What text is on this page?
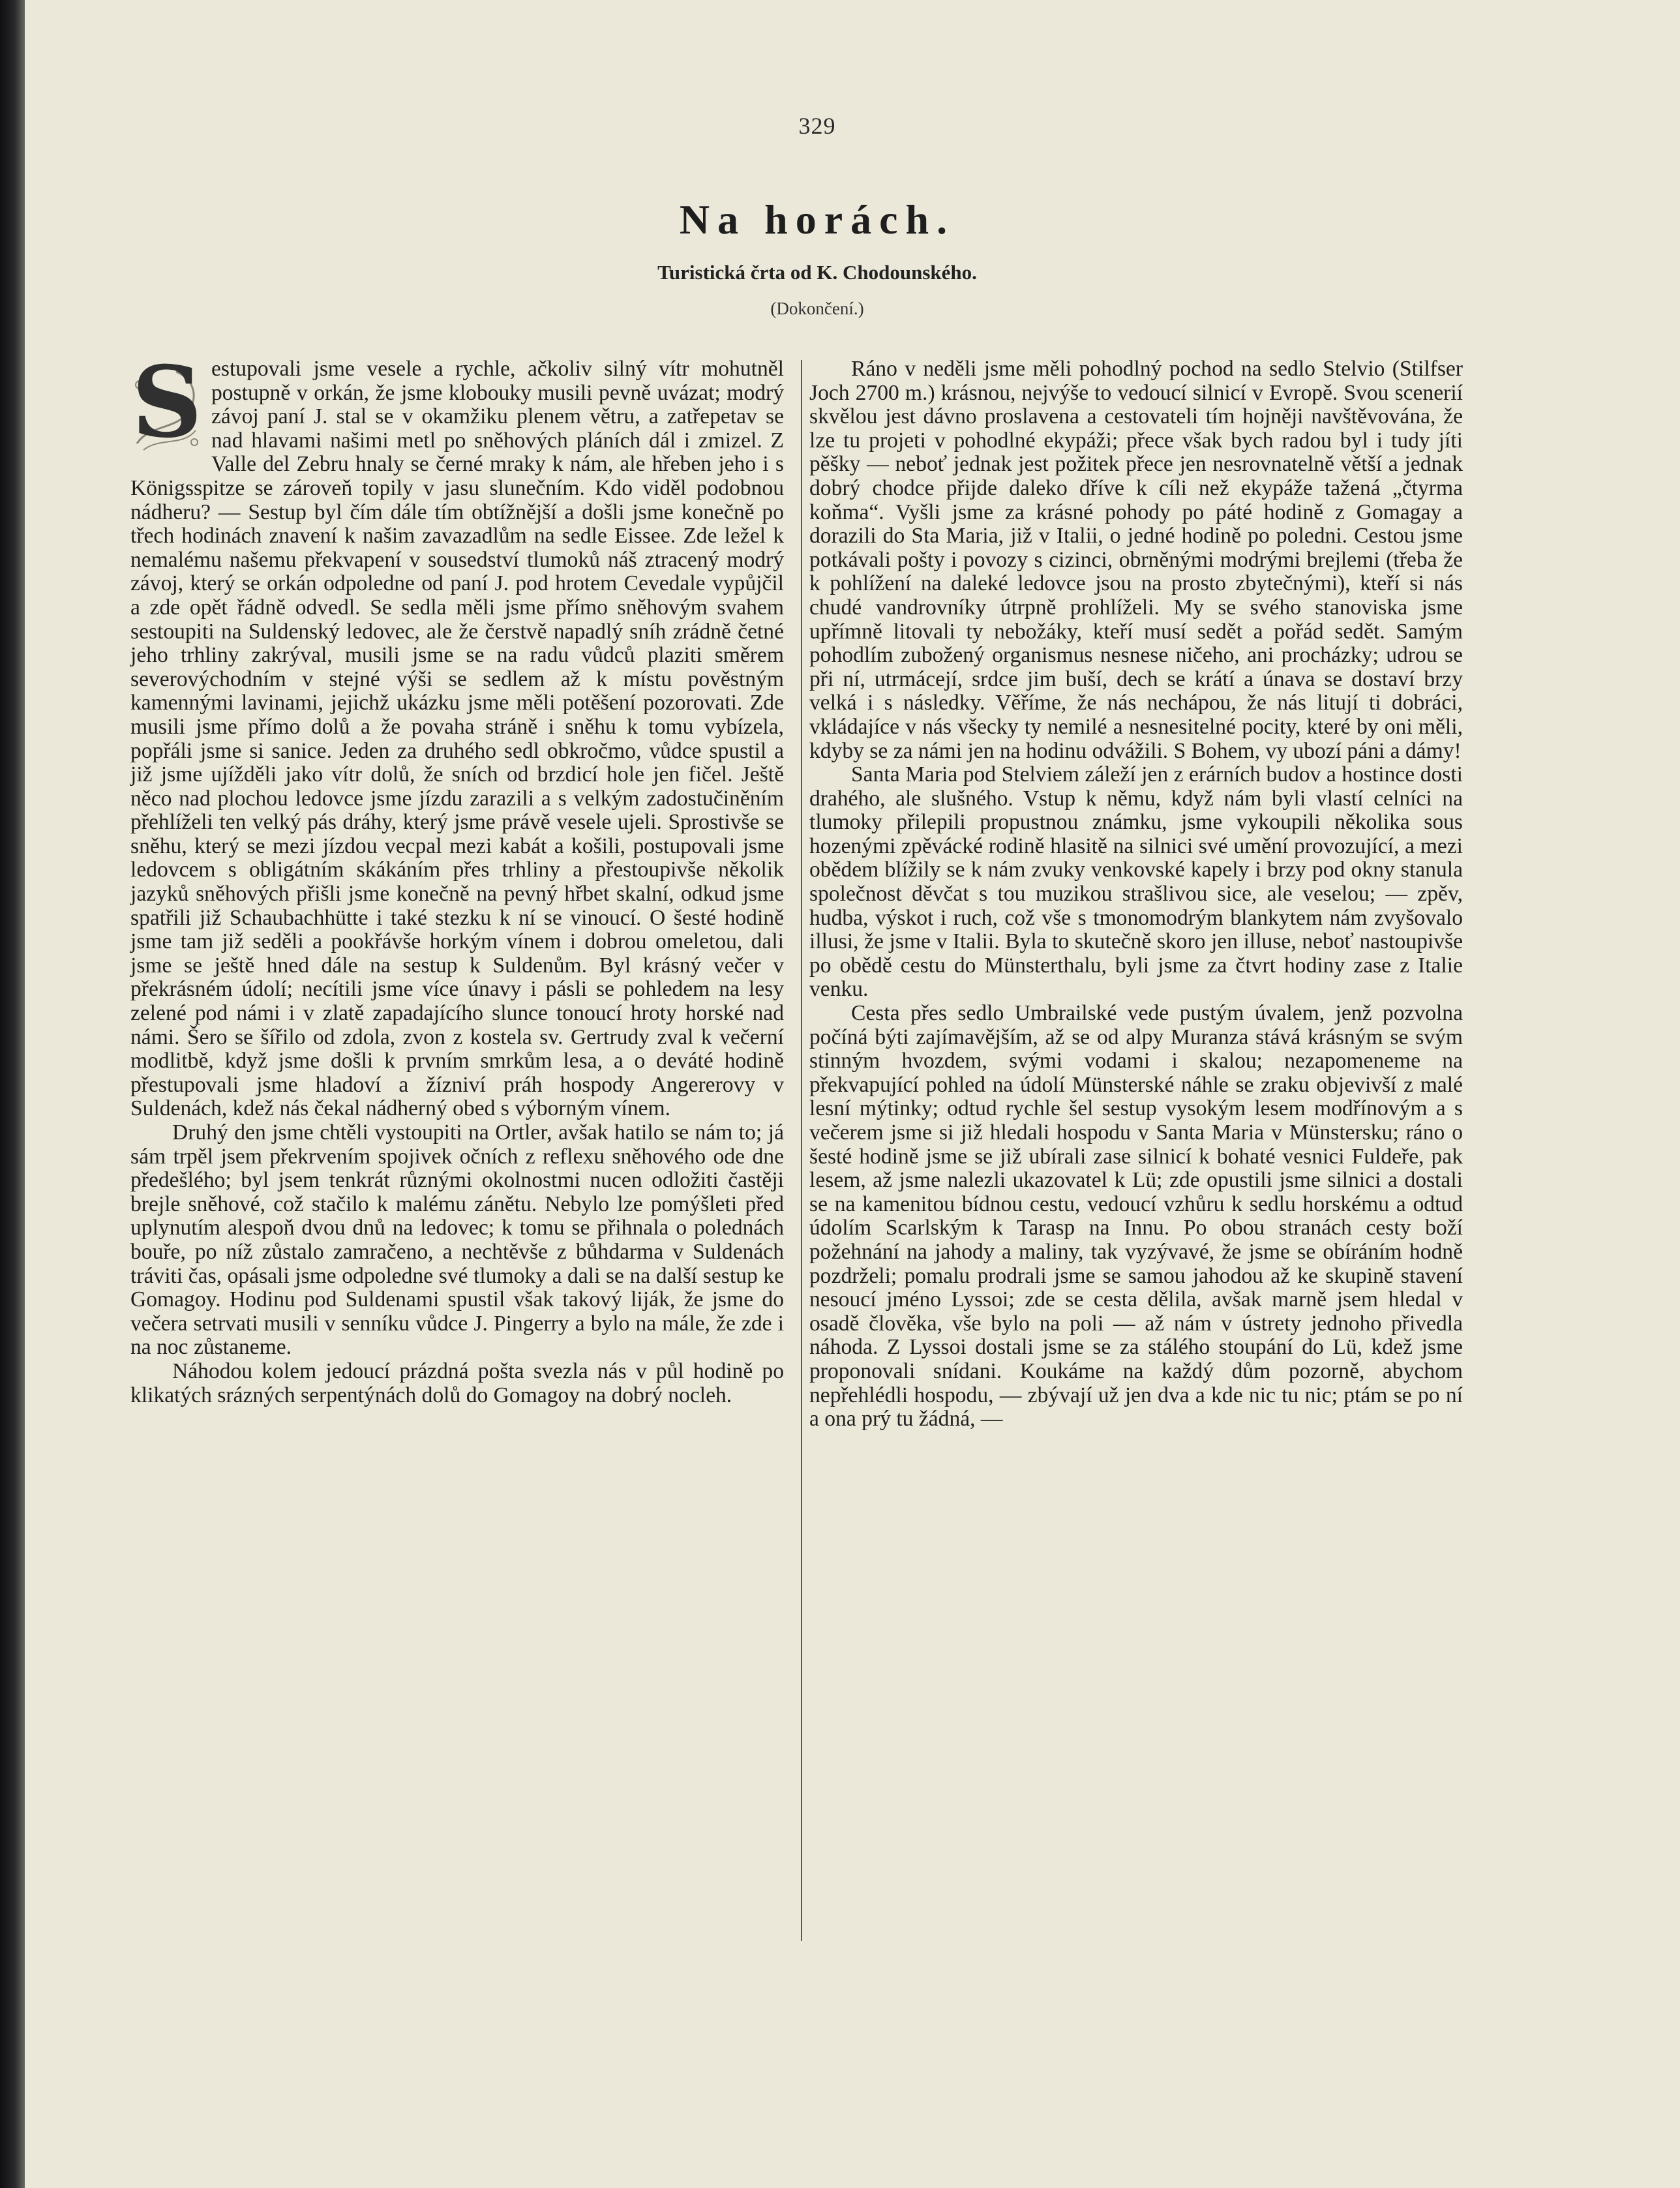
329
Na horách.
Turistická črta od K. Chodounského.
(Dokončení.)

S estupovali jsme vesele a rychle, ačkoliv silný vítr mohutněl postupně v orkán, že jsme klobouky musili pevně uvázat; modrý závoj paní J. stal se v okamžiku plenem větru, a zatřepetav se nad hlavami našimi metl po sněhových pláních dál i zmizel. Z Valle del Zebru hnaly se černé mraky k nám, ale hřeben jeho i s Königsspitze se zároveň topily v jasu slunečním. Kdo viděl podobnou nádheru? — Sestup byl čím dále tím obtížnější a došli jsme konečně po třech hodinách znavení k našim zavazadlům na sedle Eissee. Zde ležel k nemalému našemu překvapení v sousedství tlumoků náš ztracený modrý závoj, který se orkán odpoledne od paní J. pod hrotem Cevedale vypůjčil a zde opět řádně odvedl. Se sedla měli jsme přímo sněhovým svahem sestoupiti na Suldenský ledovec, ale že čerstvě napadlý sníh zrádně četné jeho trhliny zakrýval, musili jsme se na radu vůdců plaziti směrem severovýchodním v stejné výši se sedlem až k místu pověstným kamennými lavinami, jejichž ukázku jsme měli potěšení pozorovati. Zde musili jsme přímo dolů a že povaha stráně i sněhu k tomu vybízela, popřáli jsme si sanice. Jeden za druhého sedl obkročmo, vůdce spustil a již jsme ujížděli jako vítr dolů, že sních od brzdicí hole jen fičel. Ještě něco nad plochou ledovce jsme jízdu zarazili a s velkým zadostučiněním přehlíželi ten velký pás dráhy, který jsme právě vesele ujeli. Sprostivše se sněhu, který se mezi jízdou vecpal mezi kabát a košili, postupovali jsme ledovcem s obligátním skákáním přes trhliny a přestoupivše několik jazyků sněhových přišli jsme konečně na pevný hřbet skalní, odkud jsme spatřili již Schaubachhütte i také stezku k ní se vinoucí. O šesté hodině jsme tam již seděli a pookřávše horkým vínem i dobrou omeletou, dali jsme se ještě hned dále na sestup k Suldenům. Byl krásný večer v překrásném údolí; necítili jsme více únavy i pásli se pohledem na lesy zelené pod námi i v zlatě zapadajícího slunce tonoucí hroty horské nad námi. Šero se šířilo od zdola, zvon z kostela sv. Gertrudy zval k večerní modlitbě, když jsme došli k prvním smrkům lesa, a o deváté hodině přestupovali jsme hladoví a žízniví práh hospody Angererovy v Suldenách, kdež nás čekal nádherný obed s výborným vínem.

Druhý den jsme chtěli vystoupiti na Ortler, avšak hatilo se nám to; já sám trpěl jsem překrvením spojivek očních z reflexu sněhového ode dne předešlého; byl jsem tenkrát různými okolnostmi nucen odložiti častěji brejle sněhové, což stačilo k malému zánětu. Nebylo lze pomýšleti před uplynutím alespoň dvou dnů na ledovec; k tomu se přihnala o polednách bouře, po níž zůstalo zamračeno, a nechtěvše z bůhdarma v Suldenách tráviti čas, opásali jsme odpoledne své tlumoky a dali se na další sestup ke Gomagoy. Hodinu pod Suldenami spustil však takový liják, že jsme do večera setrvati musili v senníku vůdce J. Pingerry a bylo na mále, že zde i na noc zůstaneme.

Náhodou kolem jedoucí prázdná pošta svezla nás v půl hodině po klikatých srázných serpentýnách dolů do Gomagoy na dobrý nocleh.

Ráno v neděli jsme měli pohodlný pochod na sedlo Stelvio (Stilfser Joch 2700 m.) krásnou, nejvýše to vedoucí silnicí v Evropě. Svou scenerií skvělou jest dávno proslavena a cestovateli tím hojněji navštěvována, že lze tu projeti v pohodlné ekypáži; přece však bych radou byl i tudy jíti pěšky — neboť jednak jest požitek přece jen nesrovnatelně větší a jednak dobrý chodce přijde daleko dříve k cíli než ekypáže tažená „čtyrma koňma“. Vyšli jsme za krásné pohody po páté hodině z Gomagay a dorazili do Sta Maria, již v Italii, o jedné hodině po poledni. Cestou jsme potkávali pošty i povozy s cizinci, obrněnými modrými brejlemi (třeba že k pohlížení na daleké ledovce jsou na prosto zbytečnými), kteří si nás chudé vandrovníky útrpně prohlíželi. My se svého stanoviska jsme upřímně litovali ty nebožáky, kteří musí sedět a pořád sedět. Samým pohodlím zubožený organismus nesnese ničeho, ani procházky; udrou se při ní, utrmácejí, srdce jim buší, dech se krátí a únava se dostaví brzy velká i s následky. Věříme, že nás nechápou, že nás litují ti dobráci, vkládajíce v nás všecky ty nemilé a nesnesitelné pocity, které by oni měli, kdyby se za námi jen na hodinu odvážili. S Bohem, vy ubozí páni a dámy!

Santa Maria pod Stelviem záleží jen z erárních budov a hostince dosti drahého, ale slušného. Vstup k němu, když nám byli vlastí celníci na tlumoky přilepili propustnou známku, jsme vykoupili několika sous hozenými zpěvácké rodině hlasitě na silnici své umění provozující, a mezi obědem blížily se k nám zvuky venkovské kapely i brzy pod okny stanula společnost děvčat s tou muzikou strašlivou sice, ale veselou; — zpěv, hudba, výskot i ruch, což vše s tmonomodrým blankytem nám zvyšovalo illusi, že jsme v Italii. Byla to skutečně skoro jen illuse, neboť nastoupivše po obědě cestu do Münsterthalu, byli jsme za čtvrt hodiny zase z Italie venku.

Cesta přes sedlo Umbrailské vede pustým úvalem, jenž pozvolna počíná býti zajímavějším, až se od alpy Muranza stává krásným se svým stinným hvozdem, svými vodami i skalou; nezapomeneme na překvapující pohled na údolí Münsterské náhle se zraku objevivší z malé lesní mýtinky; odtud rychle šel sestup vysokým lesem modřínovým a s večerem jsme si již hledali hospodu v Santa Maria v Münstersku; ráno o šesté hodině jsme se již ubírali zase silnicí k bohaté vesnici Fuldeře, pak lesem, až jsme nalezli ukazovatel k Lü; zde opustili jsme silnici a dostali se na kamenitou bídnou cestu, vedoucí vzhůru k sedlu horskému a odtud údolím Scarlským k Tarasp na Innu. Po obou stranách cesty boží požehnání na jahody a maliny, tak vyzývavé, že jsme se obíráním hodně pozdrželi; pomalu prodrali jsme se samou jahodou až ke skupině stavení nesoucí jméno Lyssoi; zde se cesta dělila, avšak marně jsem hledal v osadě člověka, vše bylo na poli — až nám v ústrety jednoho přivedla náhoda. Z Lyssoi dostali jsme se za stálého stoupání do Lü, kdež jsme proponovali snídani. Koukáme na každý dům pozorně, abychom nepřehlédli hospodu, — zbývají už jen dva a kde nic tu nic; ptám se po ní a ona prý tu žádná, —
